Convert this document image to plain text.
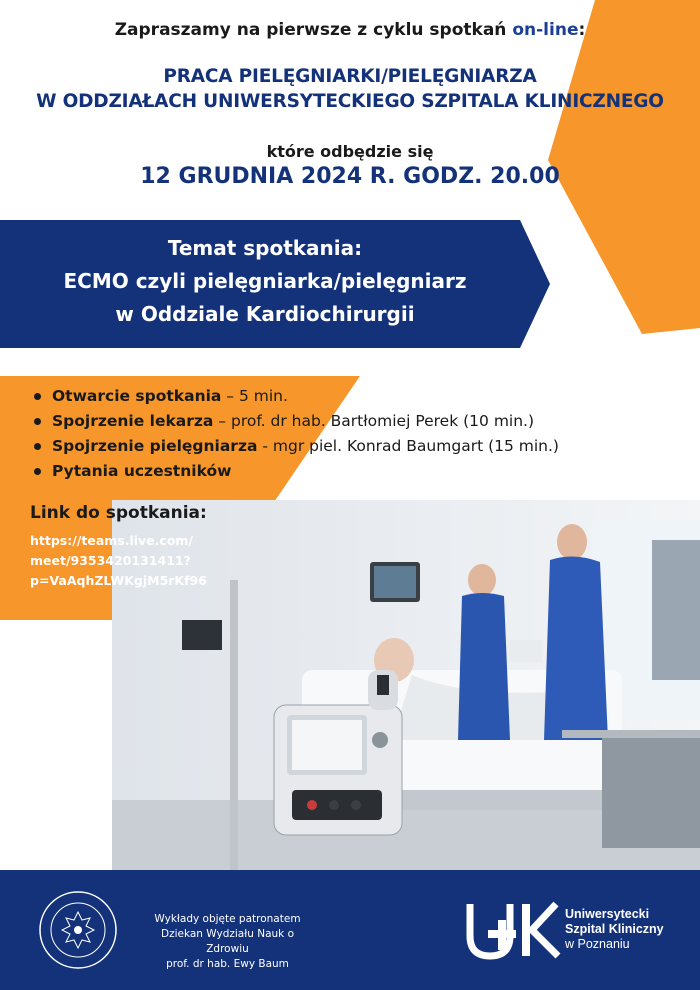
Zapraszamy na pierwsze z cyklu spotkań on-line:
PRACA PIELĘGNIARKI/PIELĘGNIARZA
W ODDZIAŁACH UNIWERSYTECKIEGO SZPITALA KLINICZNEGO
które odbędzie się
12 GRUDNIA 2024 R. GODZ. 20.00
Temat spotkania:
ECMO czyli pielęgniarka/pielęgniarz
w Oddziale Kardiochirurgii
Otwarcie spotkania – 5 min.
Spojrzenie lekarza – prof. dr hab. Bartłomiej Perek (10 min.)
Spojrzenie pielęgniarza - mgr piel. Konrad Baumgart (15 min.)
Pytania uczestników
Link do spotkania:
https://teams.live.com/
meet/9353420131411?
p=VaAqhZLWKgjM5rKf96
Wykłady objęte patronatem
Dziekan Wydziału Nauk o Zdrowiu
prof. dr hab. Ewy Baum
Uniwersytecki
Szpital Kliniczny
w Poznaniu
